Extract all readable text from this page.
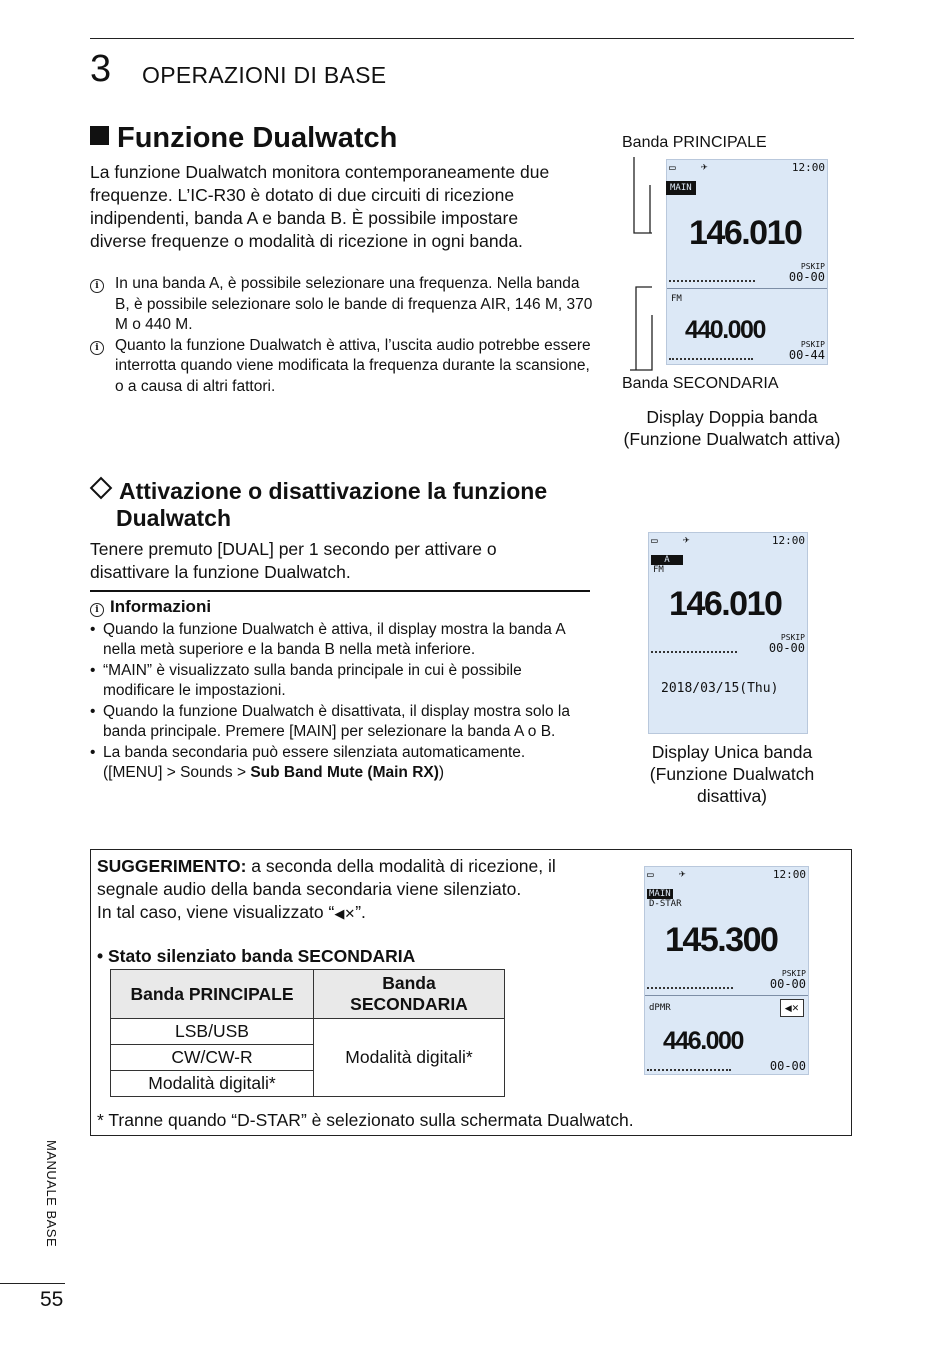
3 OPERAZIONI DI BASE
Funzione Dualwatch
La funzione Dualwatch monitora contemporaneamente due frequenze. L’IC-R30 è dotato di due circuiti di ricezione indipendenti, banda A e banda B. È possibile impostare diverse frequenze o modalità di ricezione in ogni banda.
i	In una banda A, è possibile selezionare una frequenza. Nella banda B, è possibile selezionare solo le bande di frequenza AIR, 146 M, 370 M o 440 M.
i	Quanto la funzione Dualwatch è attiva, l’uscita audio potrebbe essere interrotta quando viene modificata la frequenza durante la scansione, o a causa di altri fattori.
Banda PRINCIPALE
Banda SECONDARIA
▭ ✈	12:00
MAIN
146.010
PSKIP
00-00
FM
440.000
PSKIP
00-44
Display Doppia banda
(Funzione Dualwatch attiva)
Attivazione o disattivazione la funzione
Dualwatch
Tenere premuto [DUAL] per 1 secondo per attivare o disattivare la funzione Dualwatch.
i Informazioni
• Quando la funzione Dualwatch è attiva, il display mostra la banda A nella metà superiore e la banda B nella metà inferiore.
• “MAIN” è visualizzato sulla banda principale in cui è possibile modificare le impostazioni.
• Quando la funzione Dualwatch è disattivata, il display mostra solo la banda principale. Premere [MAIN] per selezionare la banda A o B.
• La banda secondaria può essere silenziata automaticamente.
([MENU] > Sounds > Sub Band Mute (Main RX))
▭ ✈	12:00
A
FM
146.010
PSKIP
00-00
2018/03/15(Thu)
Display Unica banda
(Funzione Dualwatch
disattiva)
SUGGERIMENTO: a seconda della modalità di ricezione, il segnale audio della banda secondaria viene silenziato.
In tal caso, viene visualizzato “◀✕”.
• Stato silenziato banda SECONDARIA
Banda PRINCIPALE	Banda
SECONDARIA
LSB/USB	Modalità digitali*
CW/CW-R	
Modalità digitali*	
* Tranne quando “D-STAR” è selezionato sulla schermata Dualwatch.
▭ ✈	12:00
MAIN
D-STAR
145.300
PSKIP
00-00
dPMR	◀✕
446.000
00-00
MANUALE BASE
55
